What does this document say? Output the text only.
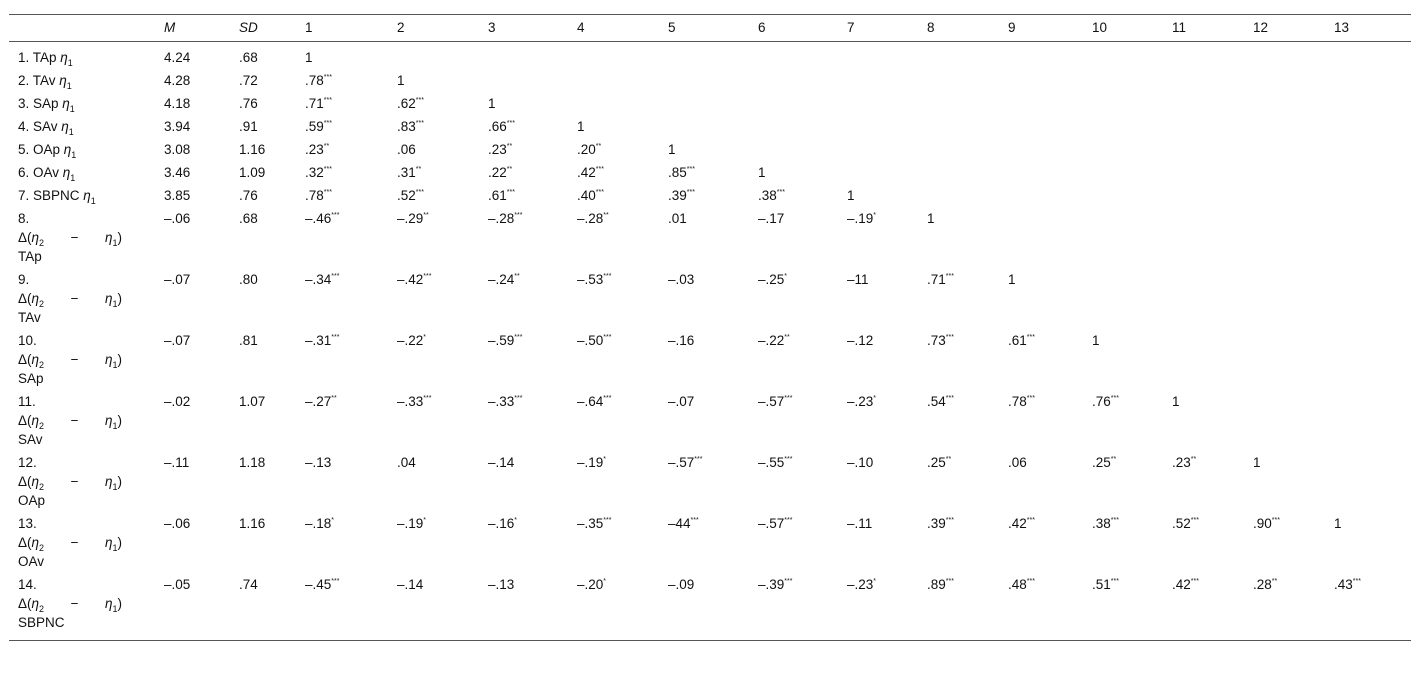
	M	SD	1	2	3	4	5	6	7	8	9	10	11	12	13
1. TAp $\eta_1$	4.24	.68	1												
2. TAv $\eta_1$	4.28	.72	.78***	1											
3. SAp $\eta_1$	4.18	.76	.71***	.62***	1										
4. SAv $\eta_1$	3.94	.91	.59***	.83***	.66***	1									
5. OAp $\eta_1$	3.08	1.16	.23**	.06	.23**	.20**	1								
6. OAv $\eta_1$	3.46	1.09	.32***	.31**	.22**	.42***	.85***	1							
7. SBPNC $\eta_1$	3.85	.76	.78***	.52***	.61***	.40***	.39***	.38***	1						

8.
$\Delta(\eta_2 - \eta_1)$
TAp	–.06	.68	–.46***	–.29**	–.28***	–.28**	.01	–.17	–.19*	1					

9.
$\Delta(\eta_2 - \eta_1)$
TAv	–.07	.80	–.34***	–.42***	–.24**	–.53***	–.03	–.25*	–11	.71***	1				

10.
$\Delta(\eta_2 - \eta_1)$
SAp	–.07	.81	–.31***	–.22*	–.59***	–.50***	–.16	–.22**	–.12	.73***	.61***	1			

11.
$\Delta(\eta_2 - \eta_1)$
SAv	–.02	1.07	–.27**	–.33***	–.33***	–.64***	–.07	–.57***	–.23*	.54***	.78***	.76***	1		

12.
$\Delta(\eta_2 - \eta_1)$
OAp	–.11	1.18	–.13	.04	–.14	–.19*	–.57***	–.55***	–.10	.25**	.06	.25**	.23**	1	

13.
$\Delta(\eta_2 - \eta_1)$
OAv	–.06	1.16	–.18*	–.19*	–.16*	–.35***	–44***	–.57***	–.11	.39***	.42***	.38***	.52***	.90***	1

14.
$\Delta(\eta_2 - \eta_1)$
SBPNC	–.05	.74	–.45***	–.14	–.13	–.20*	–.09	–.39***	–.23*	.89***	.48***	.51***	.42***	.28**	.43***
